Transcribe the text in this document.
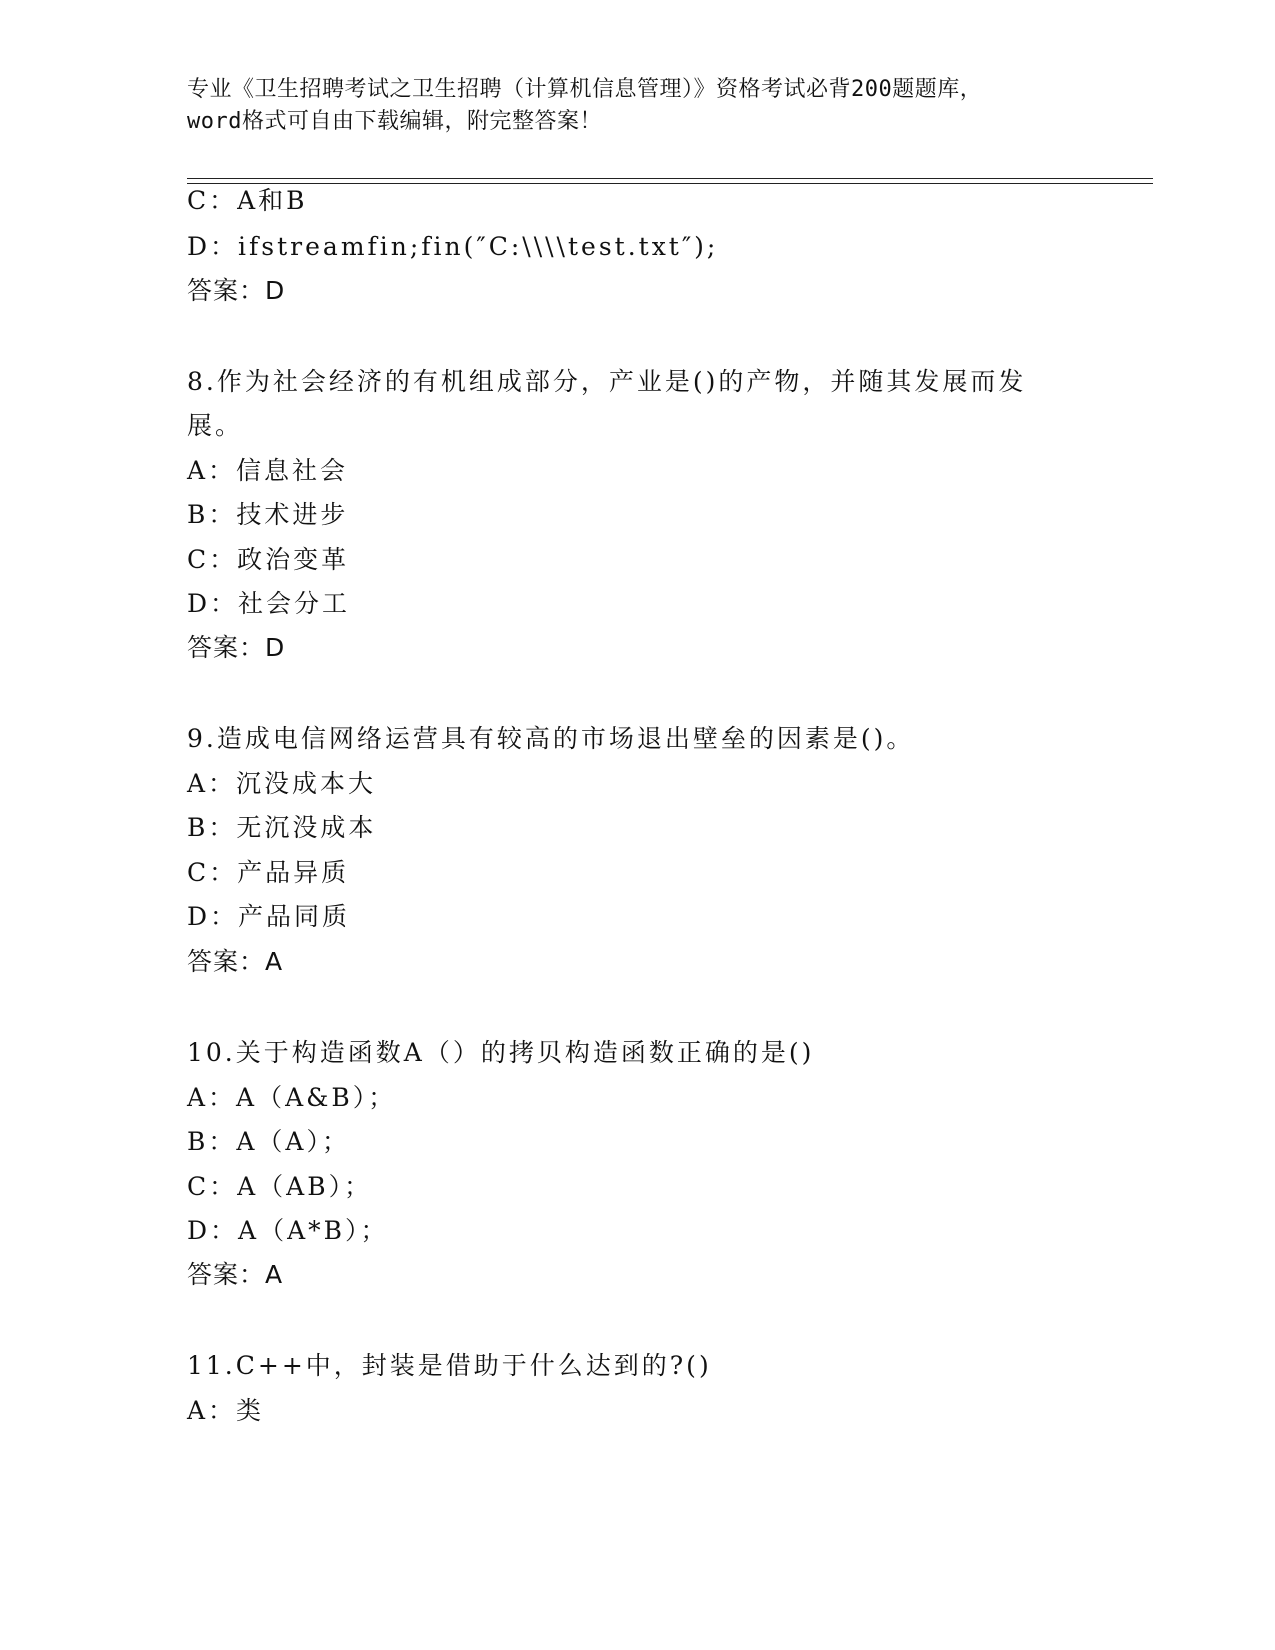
专业《卫生招聘考试之卫生招聘（计算机信息管理）》资格考试必背200题题库，
word格式可自由下载编辑，附完整答案！
C：A和B
D：ifstreamfin;fin(″C:\\\\test.txt″);
答案：D
8.作为社会经济的有机组成部分，产业是()的产物，并随其发展而发
展。
A：信息社会
B：技术进步
C：政治变革
D：社会分工
答案：D
9.造成电信网络运营具有较高的市场退出壁垒的因素是()。
A：沉没成本大
B：无沉没成本
C：产品异质
D：产品同质
答案：A
10.关于构造函数A（）的拷贝构造函数正确的是()
A：A（A&B）；
B：A（A）；
C：A（AB）；
D：A（A*B）；
答案：A
11.C++中，封装是借助于什么达到的?()
A：类
